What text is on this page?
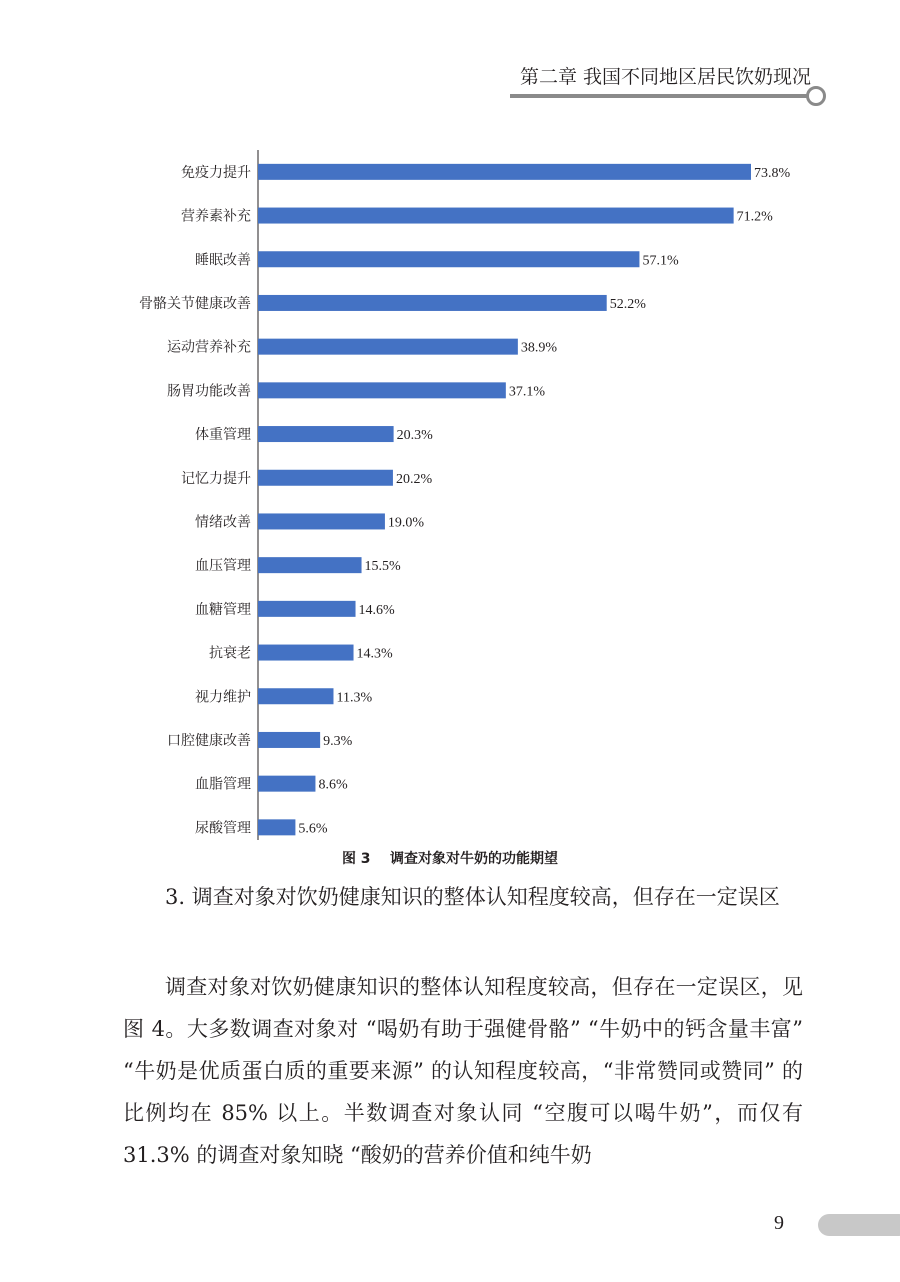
第二章 我国不同地区居民饮奶现况
免疫力提升	73.8%
营养素补充	71.2%
睡眠改善	57.1%
骨骼关节健康改善	52.2%
运动营养补充	38.9%
肠胃功能改善	37.1%
体重管理	20.3%
记忆力提升	20.2%
情绪改善	19.0%
血压管理	15.5%
血糖管理	14.6%
抗衰老	14.3%
视力维护	11.3%
口腔健康改善	9.3%
血脂管理	8.6%
尿酸管理	5.6%
图 3    调查对象对牛奶的功能期望

3. 调查对象对饮奶健康知识的整体认知程度较高，但存在一定误区

调查对象对饮奶健康知识的整体认知程度较高，但存在一定误区，见图 4。大多数调查对象对 “喝奶有助于强健骨骼” “牛奶中的钙含量丰富” “牛奶是优质蛋白质的重要来源” 的认知程度较高，“非常赞同或赞同” 的比例均在 85% 以上。半数调查对象认同 “空腹可以喝牛奶”，而仅有 31.3% 的调查对象知晓 “酸奶的营养价值和纯牛奶

9
